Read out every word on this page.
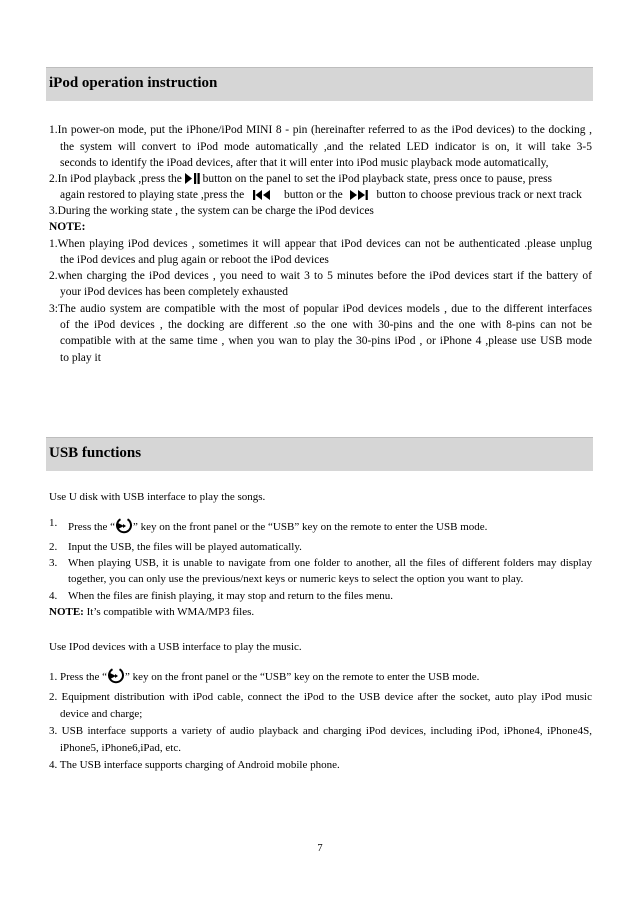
iPod operation instruction
1.In power-on mode, put the iPhone/iPod MINI 8 - pin (hereinafter referred to as the iPod devices) to the docking ,
the system will convert to iPod mode automatically ,and the related LED indicator is on, it will take 3-5
seconds to identify the iPoad devices, after that it will enter into iPod music playback mode automatically,
2.In iPod playback ,press the button on the panel to set the iPod playback state, press once to pause, press
again restored to playing state ,press the	button or the	button to choose previous track or next track
3.During the working state , the system can be charge the iPod devices
NOTE:
1.When playing iPod devices , sometimes it will appear that iPod devices can not be authenticated .please unplug
the iPod devices and plug again or reboot the iPod devices
2.when charging the iPod devices , you need to wait 3 to 5 minutes before the iPod devices start if the battery of
your iPod devices has been completely exhausted
3:The audio system are compatible with the most of popular iPod devices models , due to the different interfaces
of the iPod devices , the docking are different .so the one with 30-pins and the one with 8-pins can not be
compatible with at the same time , when you wan to play the 30-pins iPod , or iPhone 4 ,please use USB mode
to play it
USB functions
Use U disk with USB interface to play the songs.
1. Press the “ ” key on the front panel or the “USB” key on the remote to enter the USB mode.
2. Input the USB, the files will be played automatically.
3. When playing USB, it is unable to navigate from one folder to another, all the files of different folders may display
together, you can only use the previous/next keys or numeric keys to select the option you want to play.
4. When the files are finish playing, it may stop and return to the files menu.
NOTE: It’s compatible with WMA/MP3 files.
Use IPod devices with a USB interface to play the music.
1. Press the “ ” key on the front panel or the “USB” key on the remote to enter the USB mode.
2. Equipment distribution with iPod cable, connect the iPod to the USB device after the socket, auto play iPod music
device and charge;
3. USB interface supports a variety of audio playback and charging iPod devices, including iPod, iPhone4, iPhone4S,
iPhone5, iPhone6,iPad, etc.
4. The USB interface supports charging of Android mobile phone.
7
